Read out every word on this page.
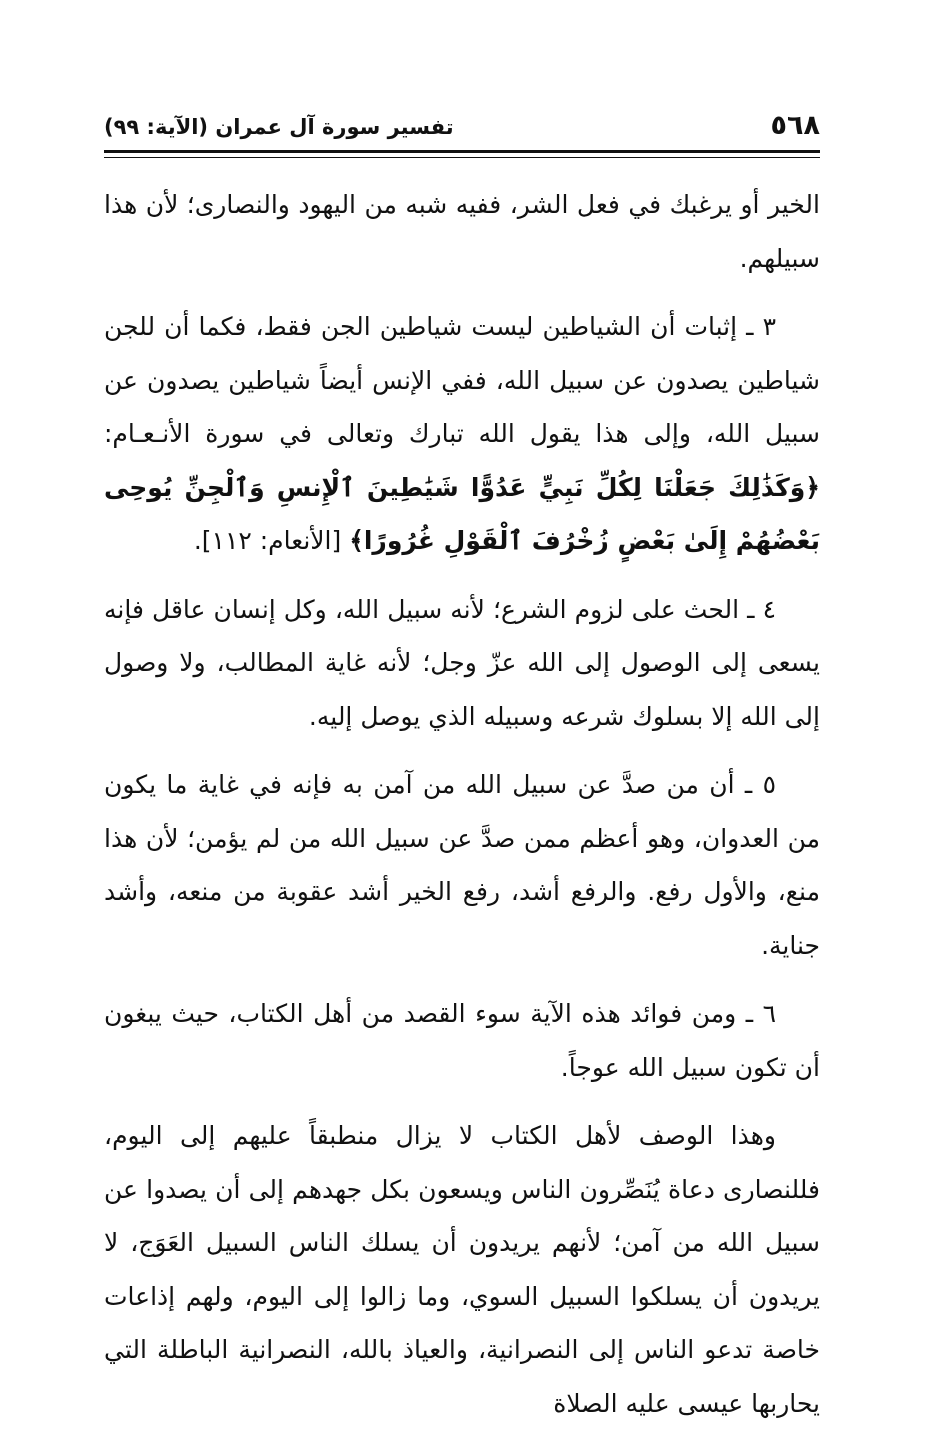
٥٦٨
تفسير سورة آل عمران (الآية: ٩٩)

الخير أو يرغبك في فعل الشر، ففيه شبه من اليهود والنصارى؛ لأن هذا سبيلهم.

٣ ـ إثبات أن الشياطين ليست شياطين الجن فقط، فكما أن للجن شياطين يصدون عن سبيل الله، ففي الإنس أيضاً شياطين يصدون عن سبيل الله، وإلى هذا يقول الله تبارك وتعالى في سورة الأنـعـام: ﴿وَكَذَٰلِكَ جَعَلْنَا لِكُلِّ نَبِيٍّ عَدُوًّا شَيَٰطِينَ ٱلْإِنسِ وَٱلْجِنِّ يُوحِى بَعْضُهُمْ إِلَىٰ بَعْضٍ زُخْرُفَ ٱلْقَوْلِ غُرُورًا﴾ [الأنعام: ١١٢].

٤ ـ الحث على لزوم الشرع؛ لأنه سبيل الله، وكل إنسان عاقل فإنه يسعى إلى الوصول إلى الله عزّ وجل؛ لأنه غاية المطالب، ولا وصول إلى الله إلا بسلوك شرعه وسبيله الذي يوصل إليه.

٥ ـ أن من صدَّ عن سبيل الله من آمن به فإنه في غاية ما يكون من العدوان، وهو أعظم ممن صدَّ عن سبيل الله من لم يؤمن؛ لأن هذا منع، والأول رفع. والرفع أشد، رفع الخير أشد عقوبة من منعه، وأشد جناية.

٦ ـ ومن فوائد هذه الآية سوء القصد من أهل الكتاب، حيث يبغون أن تكون سبيل الله عوجاً.

وهذا الوصف لأهل الكتاب لا يزال منطبقاً عليهم إلى اليوم، فللنصارى دعاة يُنَصِّرون الناس ويسعون بكل جهدهم إلى أن يصدوا عن سبيل الله من آمن؛ لأنهم يريدون أن يسلك الناس السبيل العَوَج، لا يريدون أن يسلكوا السبيل السوي، وما زالوا إلى اليوم، ولهم إذاعات خاصة تدعو الناس إلى النصرانية، والعياذ بالله، النصرانية الباطلة التي يحاربها عيسى عليه الصلاة
